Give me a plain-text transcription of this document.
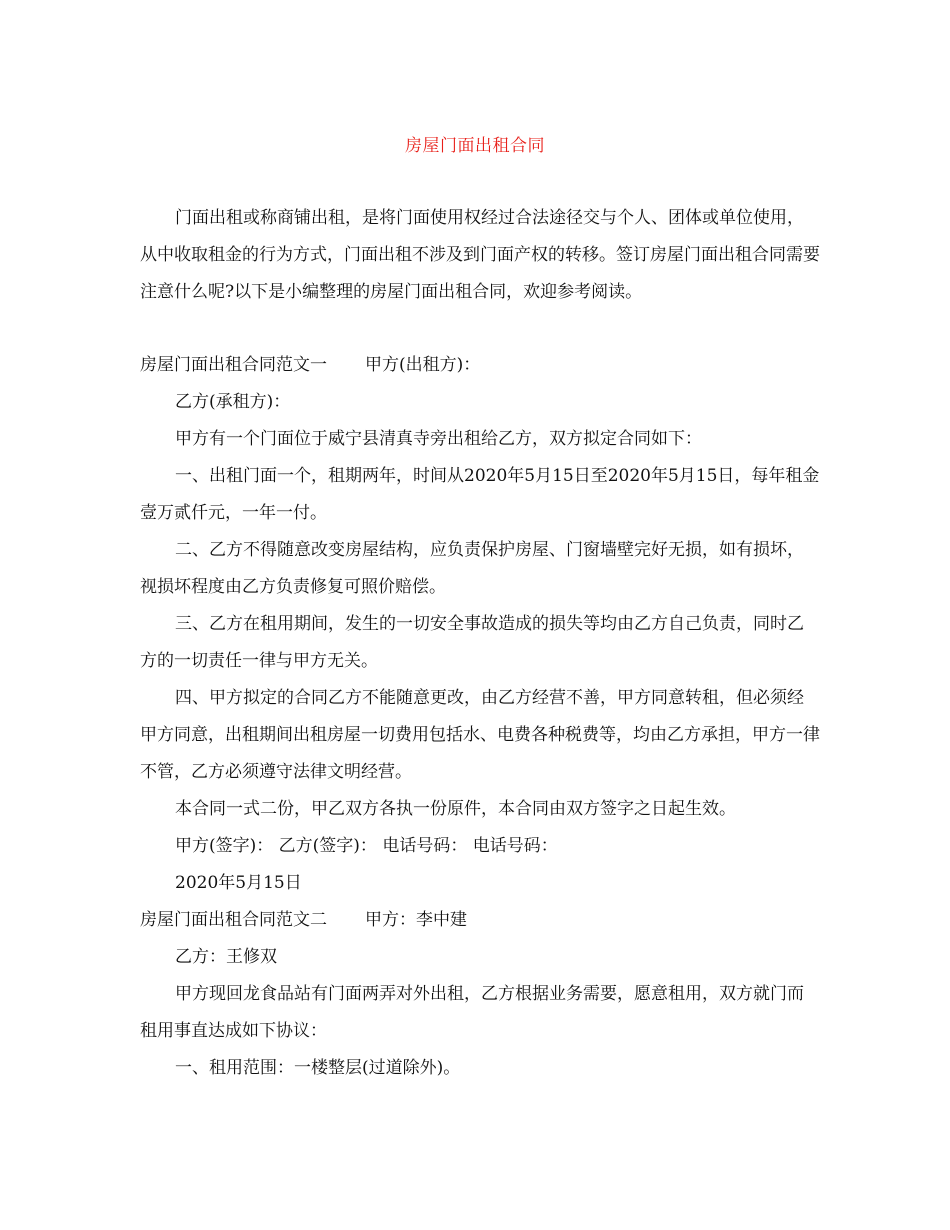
房屋门面出租合同

门面出租或称商铺出租，是将门面使用权经过合法途径交与个人、团体或单位使用，从中收取租金的行为方式，门面出租不涉及到门面产权的转移。签订房屋门面出租合同需要注意什么呢?以下是小编整理的房屋门面出租合同，欢迎参考阅读。

房屋门面出租合同范文一 甲方(出租方)：
乙方(承租方)：
甲方有一个门面位于威宁县清真寺旁出租给乙方，双方拟定合同如下：

一、出租门面一个，租期两年，时间从2020年5月15日至2020年5月15日，每年租金壹万贰仟元，一年一付。

二、乙方不得随意改变房屋结构，应负责保护房屋、门窗墙壁完好无损，如有损坏，视损坏程度由乙方负责修复可照价赔偿。

三、乙方在租用期间，发生的一切安全事故造成的损失等均由乙方自己负责，同时乙方的一切责任一律与甲方无关。

四、甲方拟定的合同乙方不能随意更改，由乙方经营不善，甲方同意转租，但必须经甲方同意，出租期间出租房屋一切费用包括水、电费各种税费等，均由乙方承担，甲方一律不管，乙方必须遵守法律文明经营。

本合同一式二份，甲乙双方各执一份原件，本合同由双方签字之日起生效。
甲方(签字)： 乙方(签字)： 电话号码： 电话号码：
2020年5月15日
房屋门面出租合同范文二 甲方：李中建
乙方：王修双

甲方现回龙食品站有门面两弄对外出租，乙方根据业务需要，愿意租用，双方就门而租用事直达成如下协议：

一、租用范围：一楼整层(过道除外)。
